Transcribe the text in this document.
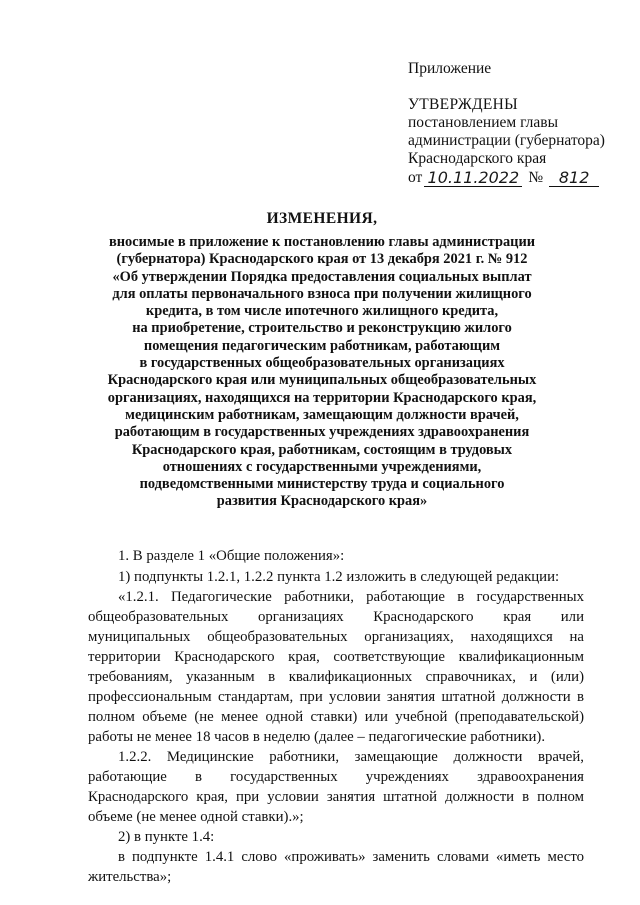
Приложение
УТВЕРЖДЕНЫ
постановлением главы
администрации (губернатора)
Краснодарского края
от 10.11.2022 № 812
ИЗМЕНЕНИЯ,
вносимые в приложение к постановлению главы администрации
(губернатора) Краснодарского края от 13 декабря 2021 г. № 912
«Об утверждении Порядка предоставления социальных выплат
для оплаты первоначального взноса при получении жилищного
кредита, в том числе ипотечного жилищного кредита,
на приобретение, строительство и реконструкцию жилого
помещения педагогическим работникам, работающим
в государственных общеобразовательных организациях
Краснодарского края или муниципальных общеобразовательных
организациях, находящихся на территории Краснодарского края,
медицинским работникам, замещающим должности врачей,
работающим в государственных учреждениях здравоохранения
Краснодарского края, работникам, состоящим в трудовых
отношениях с государственными учреждениями,
подведомственными министерству труда и социального
развития Краснодарского края»

1. В разделе 1 «Общие положения»:

1) подпункты 1.2.1, 1.2.2 пункта 1.2 изложить в следующей редакции:

«1.2.1. Педагогические работники, работающие в государственных общеобразовательных организациях Краснодарского края или муниципальных общеобразовательных организациях, находящихся на территории Краснодарского края, соответствующие квалификационным требованиям, указанным в квалификационных справочниках, и (или) профессиональным стандартам, при условии занятия штатной должности в полном объеме (не менее одной ставки) или учебной (преподавательской) работы не менее 18 часов в неделю (далее – педагогические работники).

1.2.2. Медицинские работники, замещающие должности врачей, работающие в государственных учреждениях здравоохранения Краснодарского края, при условии занятия штатной должности в полном объеме (не менее одной ставки).»;

2) в пункте 1.4:

в подпункте 1.4.1 слово «проживать» заменить словами «иметь место жительства»;
